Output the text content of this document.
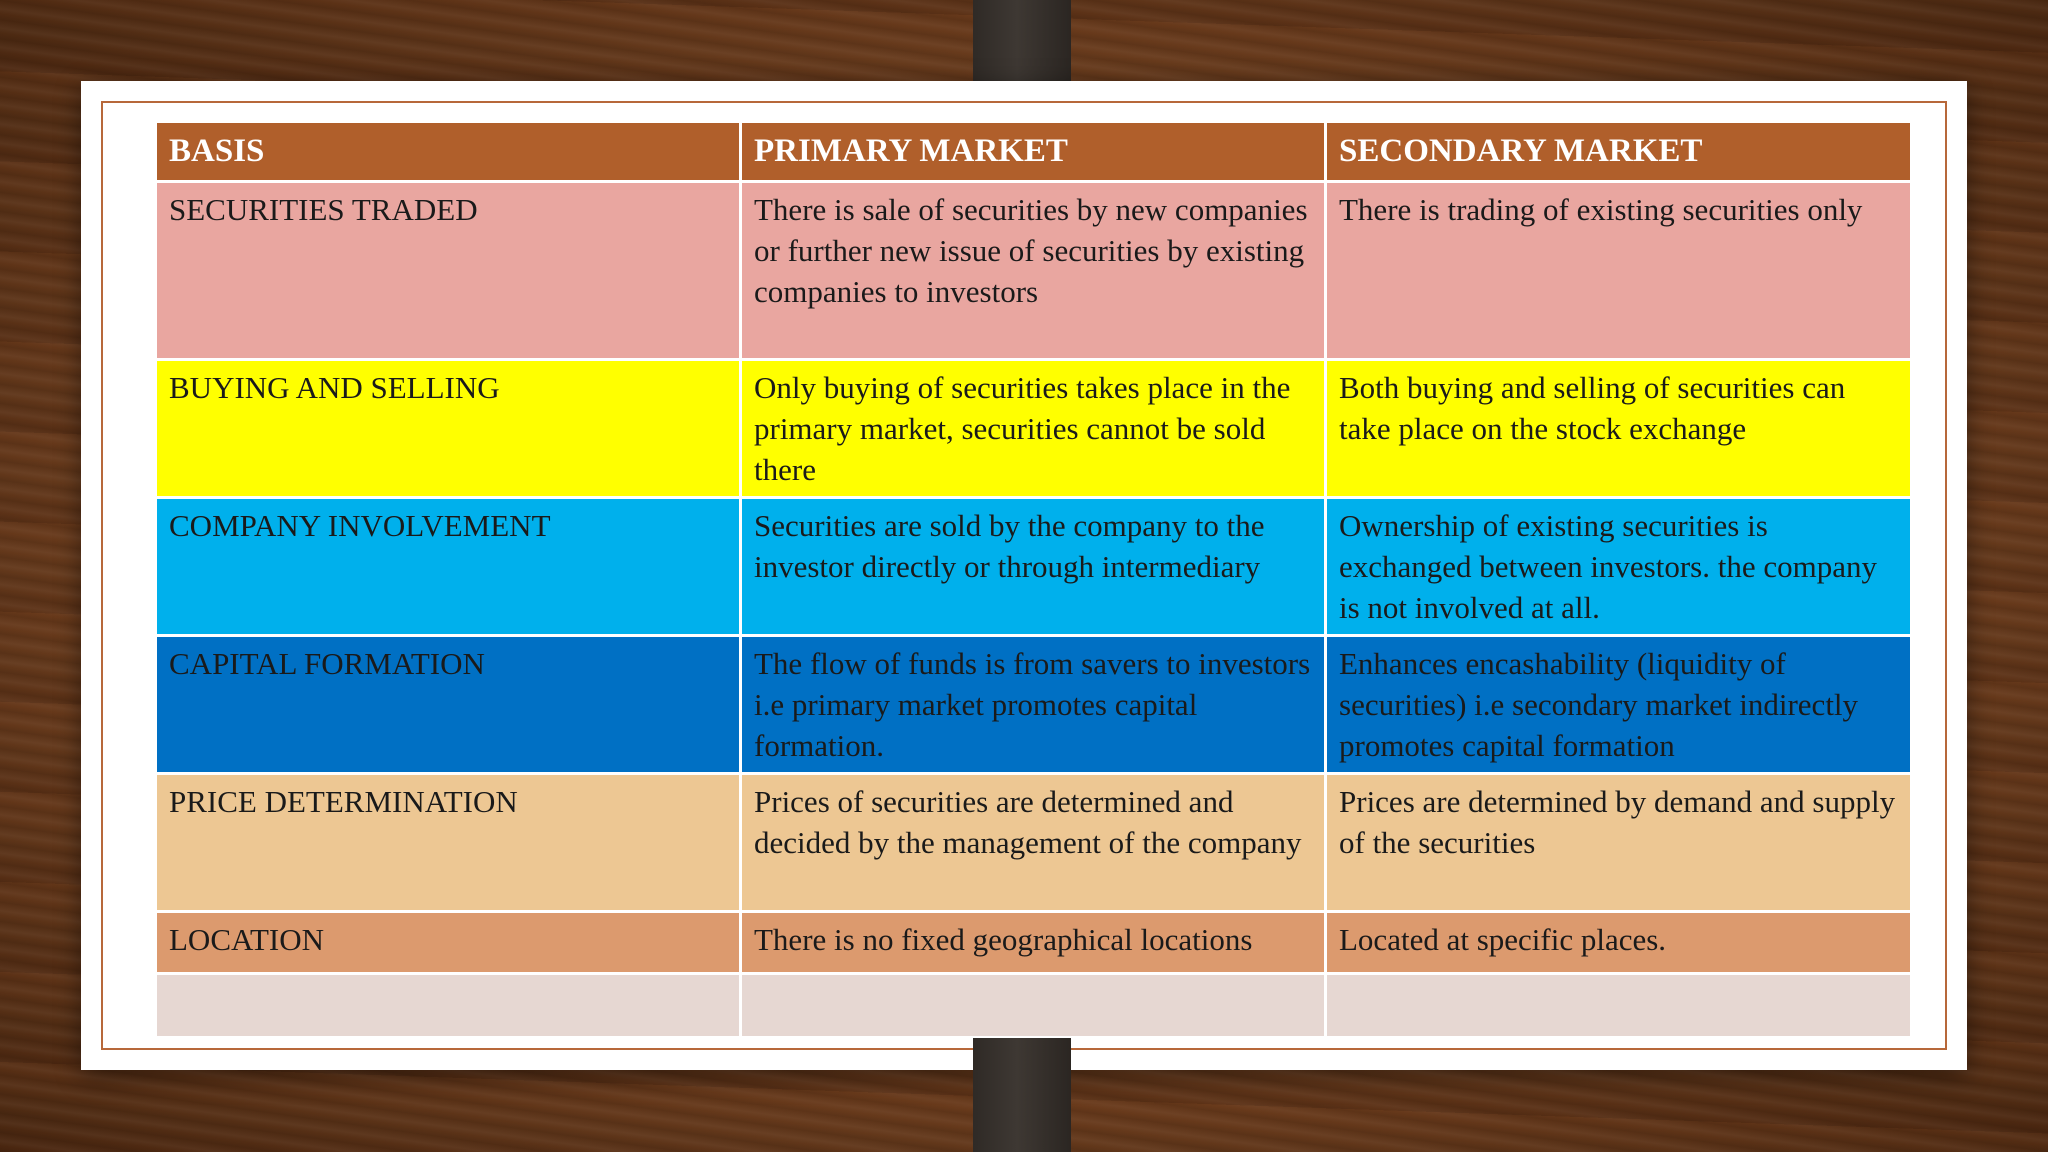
BASIS	PRIMARY MARKET	SECONDARY MARKET
SECURITIES TRADED	There is sale of securities by new companies or further new issue of securities by existing companies to investors	There is trading of existing securities only
BUYING AND SELLING	Only buying of securities takes place in the primary market, securities cannot be sold there	Both buying and selling of securities can take place on the stock exchange
COMPANY INVOLVEMENT	Securities are sold by the company to the investor directly or through intermediary	Ownership of existing securities is exchanged between investors. the company is not involved at all.
CAPITAL FORMATION	The flow of funds is from savers to investors i.e primary market promotes capital formation.	Enhances encashability (liquidity of securities) i.e secondary market indirectly promotes capital formation
PRICE DETERMINATION	Prices of securities are determined and decided by the management of the company	Prices are determined by demand and supply of the securities
LOCATION	There is no fixed geographical locations	Located at specific places.
